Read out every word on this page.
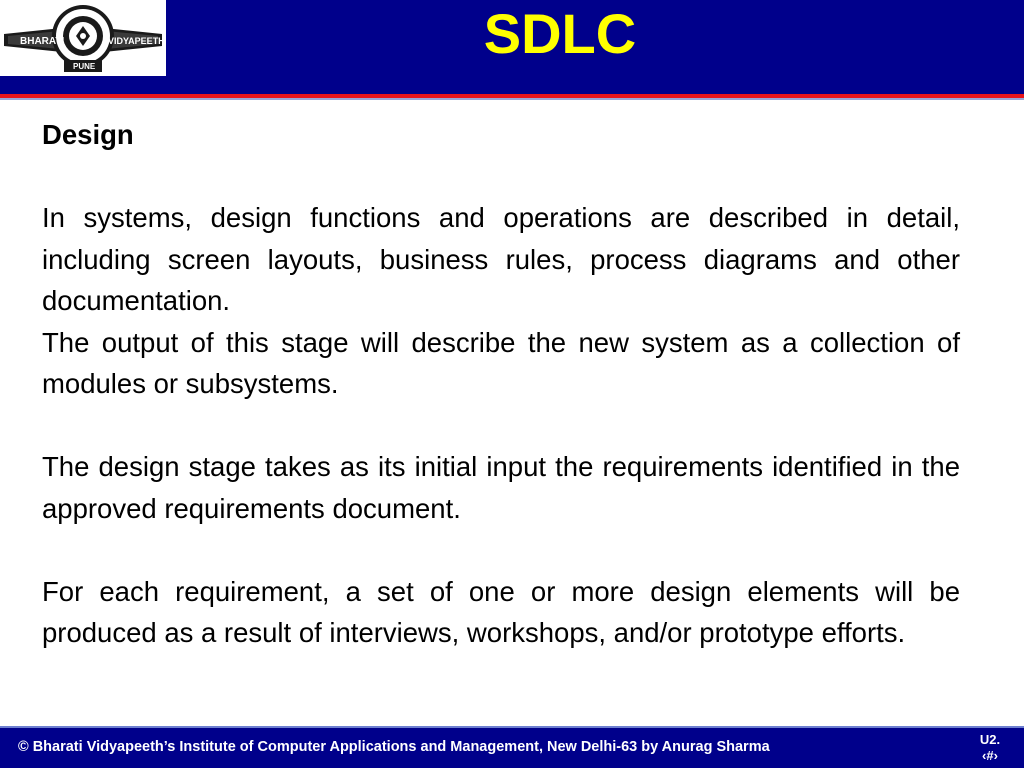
BHARATI	VIDYAPEETH
PUNE
SDLC
Design

In systems, design functions and operations are described in detail, including screen layouts, business rules, process diagrams and other documentation.

The output of this stage will describe the new system as a collection of modules or subsystems.

The design stage takes as its initial input the requirements identified in the approved requirements document.

For each requirement, a set of one or more design elements will be produced as a result of interviews, workshops, and/or prototype efforts.

© Bharati Vidyapeeth’s Institute of Computer Applications and Management, New Delhi-63 by Anurag Sharma	U2.
‹#›
